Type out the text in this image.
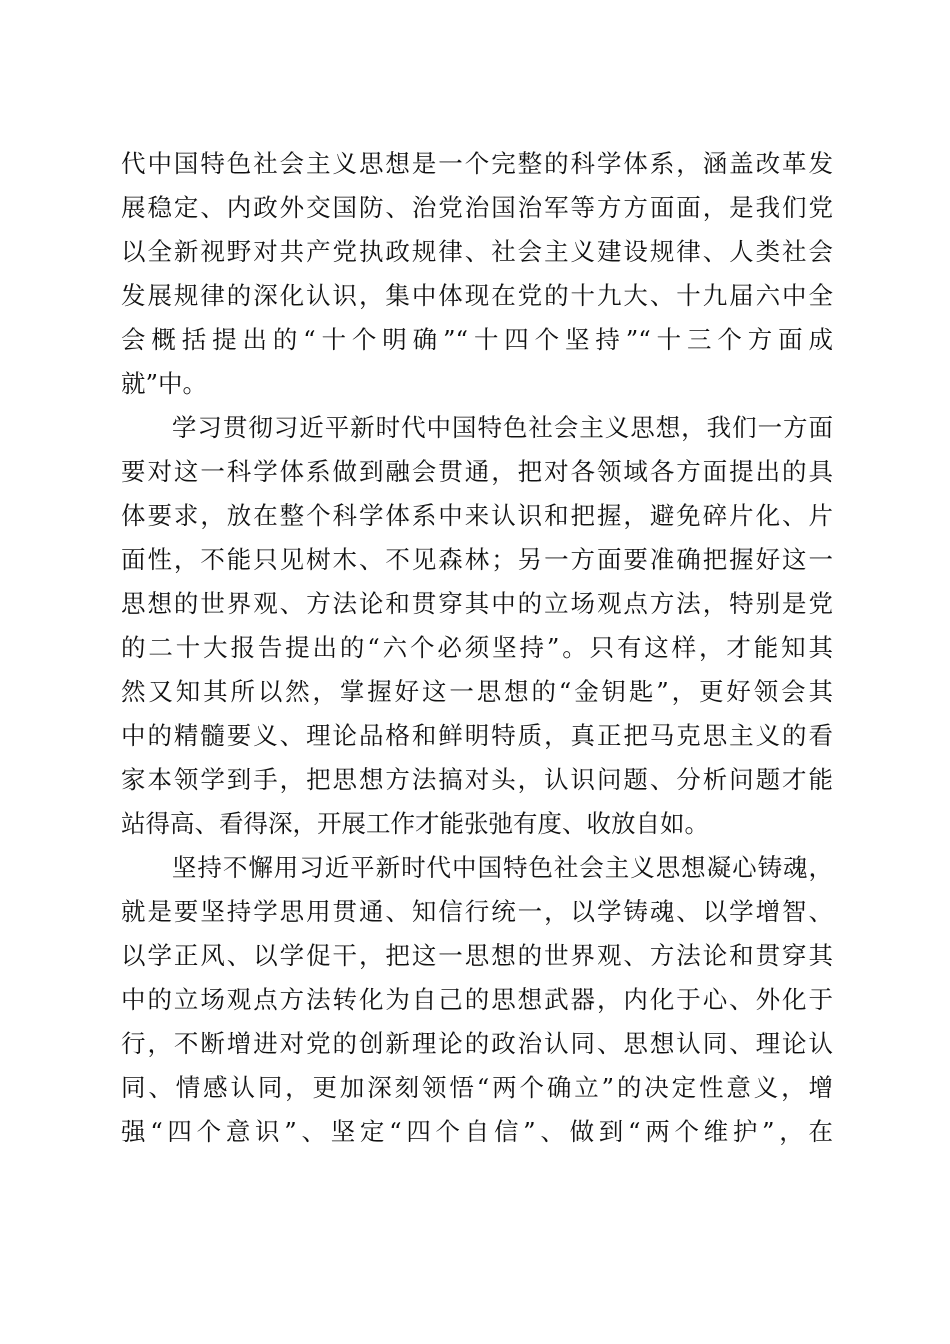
代中国特色社会主义思想是一个完整的科学体系，涵盖改革发
展稳定、内政外交国防、治党治国治军等方方面面，是我们党
以全新视野对共产党执政规律、社会主义建设规律、人类社会
发展规律的深化认识，集中体现在党的十九大、十九届六中全
会概括提出的“十个明确”“十四个坚持”“十三个方面成
就”中。
　　学习贯彻习近平新时代中国特色社会主义思想，我们一方面
要对这一科学体系做到融会贯通，把对各领域各方面提出的具
体要求，放在整个科学体系中来认识和把握，避免碎片化、片
面性，不能只见树木、不见森林；另一方面要准确把握好这一
思想的世界观、方法论和贯穿其中的立场观点方法，特别是党
的二十大报告提出的“六个必须坚持”。只有这样，才能知其
然又知其所以然，掌握好这一思想的“金钥匙”，更好领会其
中的精髓要义、理论品格和鲜明特质，真正把马克思主义的看
家本领学到手，把思想方法搞对头，认识问题、分析问题才能
站得高、看得深，开展工作才能张弛有度、收放自如。
　　坚持不懈用习近平新时代中国特色社会主义思想凝心铸魂，
就是要坚持学思用贯通、知信行统一，以学铸魂、以学增智、
以学正风、以学促干，把这一思想的世界观、方法论和贯穿其
中的立场观点方法转化为自己的思想武器，内化于心、外化于
行，不断增进对党的创新理论的政治认同、思想认同、理论认
同、情感认同，更加深刻领悟“两个确立”的决定性意义，增
强“四个意识”、坚定“四个自信”、做到“两个维护”，在
